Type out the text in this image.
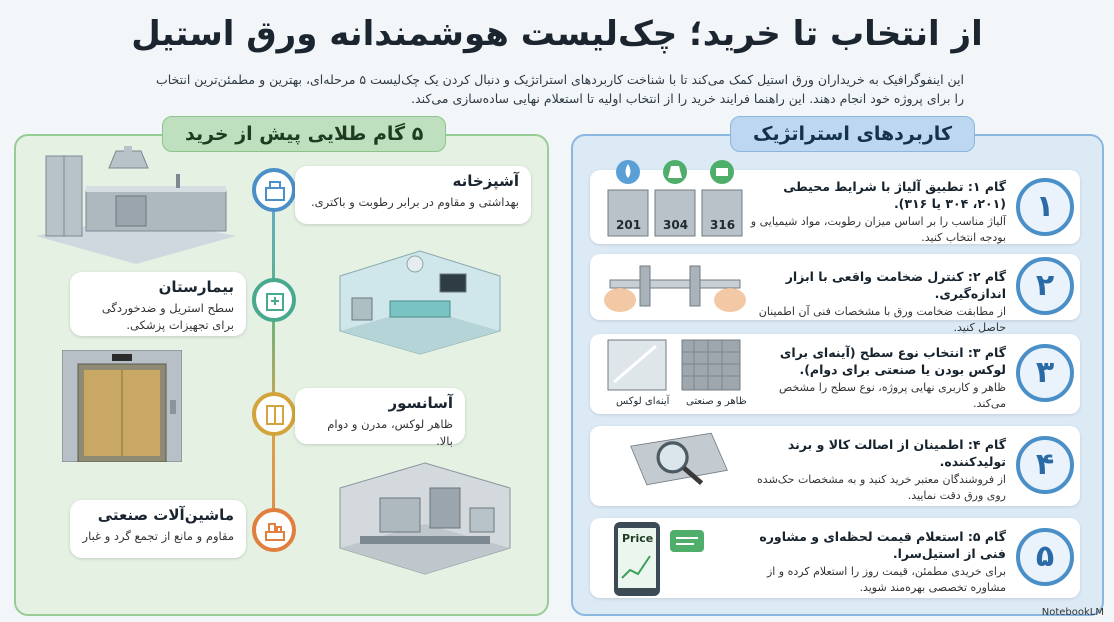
از انتخاب تا خرید؛ چک‌لیست هوشمندانه ورق استیل
این اینفوگرافیک به خریداران ورق استیل کمک می‌کند تا با شناخت کاربردهای استراتژیک و دنبال کردن یک چک‌لیست ۵ مرحله‌ای، بهترین و مطمئن‌ترین انتخاب را برای پروژه خود انجام دهند. این راهنما فرایند خرید را از انتخاب اولیه تا استعلام نهایی ساده‌سازی می‌کند.
۵ گام طلایی پیش از خرید
آشپزخانه
بهداشتی و مقاوم در برابر رطوبت و باکتری.
بیمارستان
سطح استریل و ضدخوردگی برای تجهیزات پزشکی.
آسانسور
ظاهر لوکس، مدرن و دوام بالا.
ماشین‌آلات صنعتی
مقاوم و مانع از تجمع گرد و غبار
کاربردهای استراتژیک
۱
گام ۱: تطبیق آلیاژ با شرایط محیطی (۲۰۱، ۳۰۴ یا ۳۱۶).
آلیاژ مناسب را بر اساس میزان رطوبت، مواد شیمیایی و بودجه انتخاب کنید.
201 304 316
۲
گام ۲: کنترل ضخامت واقعی با ابزار اندازه‌گیری.
از مطابقت ضخامت ورق با مشخصات فنی آن اطمینان حاصل کنید.
۳
گام ۳: انتخاب نوع سطح (آینه‌ای برای لوکس بودن یا صنعتی برای دوام).
ظاهر و کاربری نهایی پروژه، نوع سطح را مشخص می‌کند.
آینه‌ای لوکس ظاهر و صنعتی
۴
گام ۴: اطمینان از اصالت کالا و برند تولیدکننده.
از فروشندگان معتبر خرید کنید و به مشخصات حک‌شده روی ورق دقت نمایید.
۵
گام ۵: استعلام قیمت لحظه‌ای و مشاوره فنی از استیل‌سرا.
برای خریدی مطمئن، قیمت روز را استعلام کرده و از مشاوره تخصصی بهره‌مند شوید.
Price
NotebookLM
